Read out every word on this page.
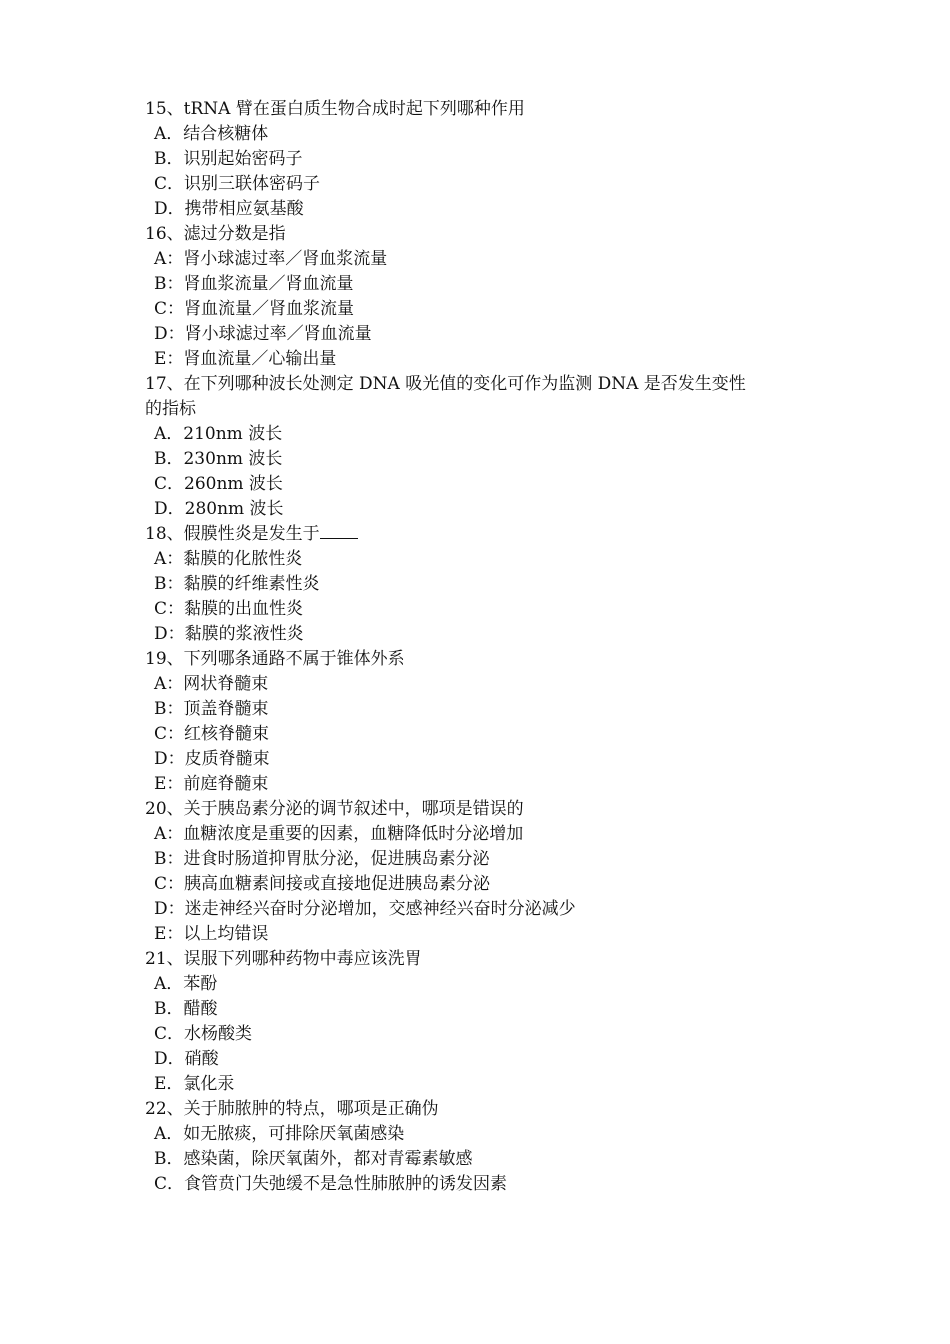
15、tRNA 臂在蛋白质生物合成时起下列哪种作用
A．结合核糖体
B．识别起始密码子
C．识别三联体密码子
D．携带相应氨基酸
16、滤过分数是指
A：肾小球滤过率／肾血浆流量
B：肾血浆流量／肾血流量
C：肾血流量／肾血浆流量
D：肾小球滤过率／肾血流量
E：肾血流量／心输出量
17、在下列哪种波长处测定 DNA 吸光值的变化可作为监测 DNA 是否发生变性
的指标
A．210nm 波长
B．230nm 波长
C．260nm 波长
D．280nm 波长
18、假膜性炎是发生于
A：黏膜的化脓性炎
B：黏膜的纤维素性炎
C：黏膜的出血性炎
D：黏膜的浆液性炎
19、下列哪条通路不属于锥体外系
A：网状脊髓束
B：顶盖脊髓束
C：红核脊髓束
D：皮质脊髓束
E：前庭脊髓束
20、关于胰岛素分泌的调节叙述中，哪项是错误的
A：血糖浓度是重要的因素，血糖降低时分泌增加
B：进食时肠道抑胃肽分泌，促进胰岛素分泌
C：胰高血糖素间接或直接地促进胰岛素分泌
D：迷走神经兴奋时分泌增加，交感神经兴奋时分泌减少
E：以上均错误
21、误服下列哪种药物中毒应该洗胃
A．苯酚
B．醋酸
C．水杨酸类
D．硝酸
E．氯化汞
22、关于肺脓肿的特点，哪项是正确伪
A．如无脓痰，可排除厌氧菌感染
B．感染菌，除厌氧菌外，都对青霉素敏感
C．食管贲门失弛缓不是急性肺脓肿的诱发因素
